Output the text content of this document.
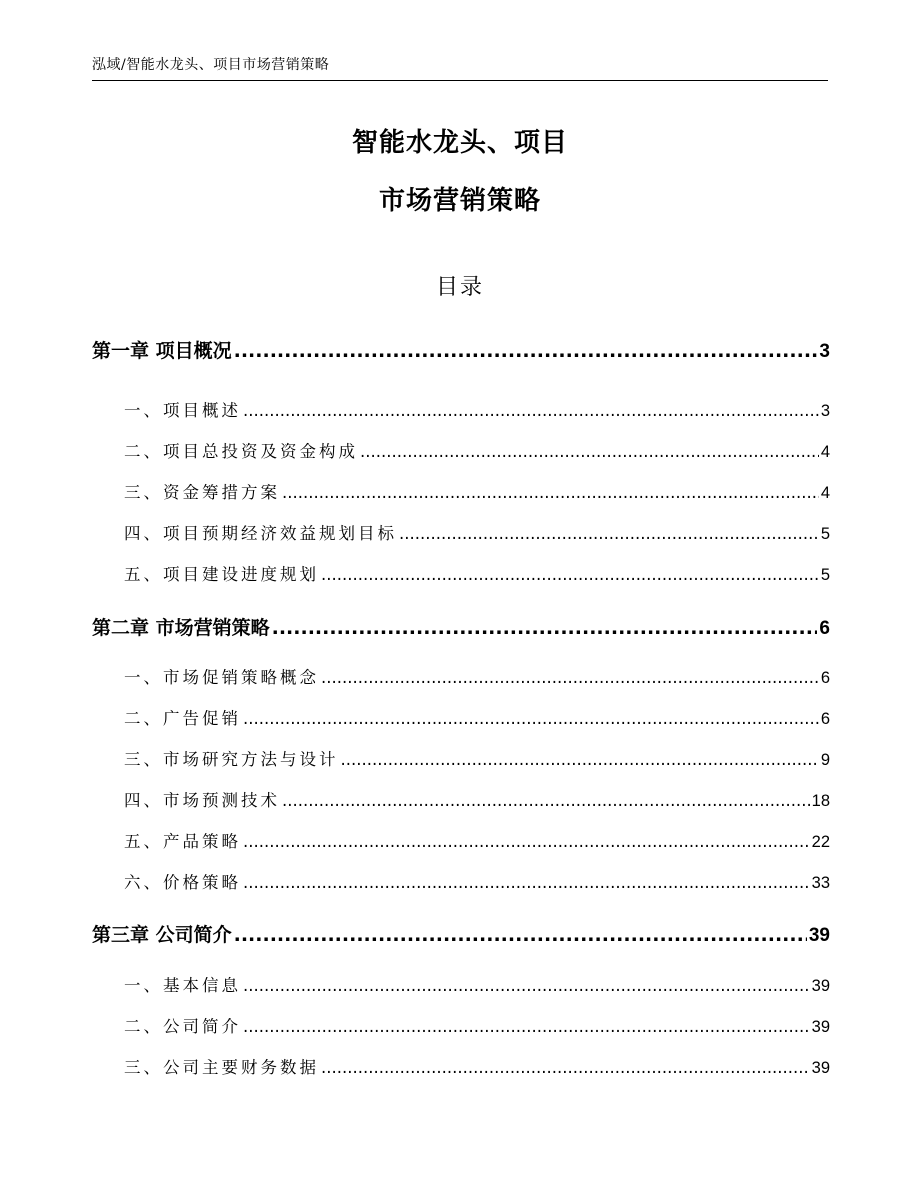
泓域/智能水龙头、项目市场营销策略
智能水龙头、项目
市场营销策略
目录
第一章 项目概况 .....	3
一、 项目概述 .....	3
二、 项目总投资及资金构成 .....	4
三、 资金筹措方案 .....	4
四、 项目预期经济效益规划目标 .....	5
五、 项目建设进度规划 .....	5
第二章 市场营销策略 .....	6
一、 市场促销策略概念 .....	6
二、 广告促销 .....	6
三、 市场研究方法与设计 .....	9
四、 市场预测技术 .....	18
五、 产品策略 .....	22
六、 价格策略 .....	33
第三章 公司简介 .....	39
一、 基本信息 .....	39
二、 公司简介 .....	39
三、 公司主要财务数据 .....	39
